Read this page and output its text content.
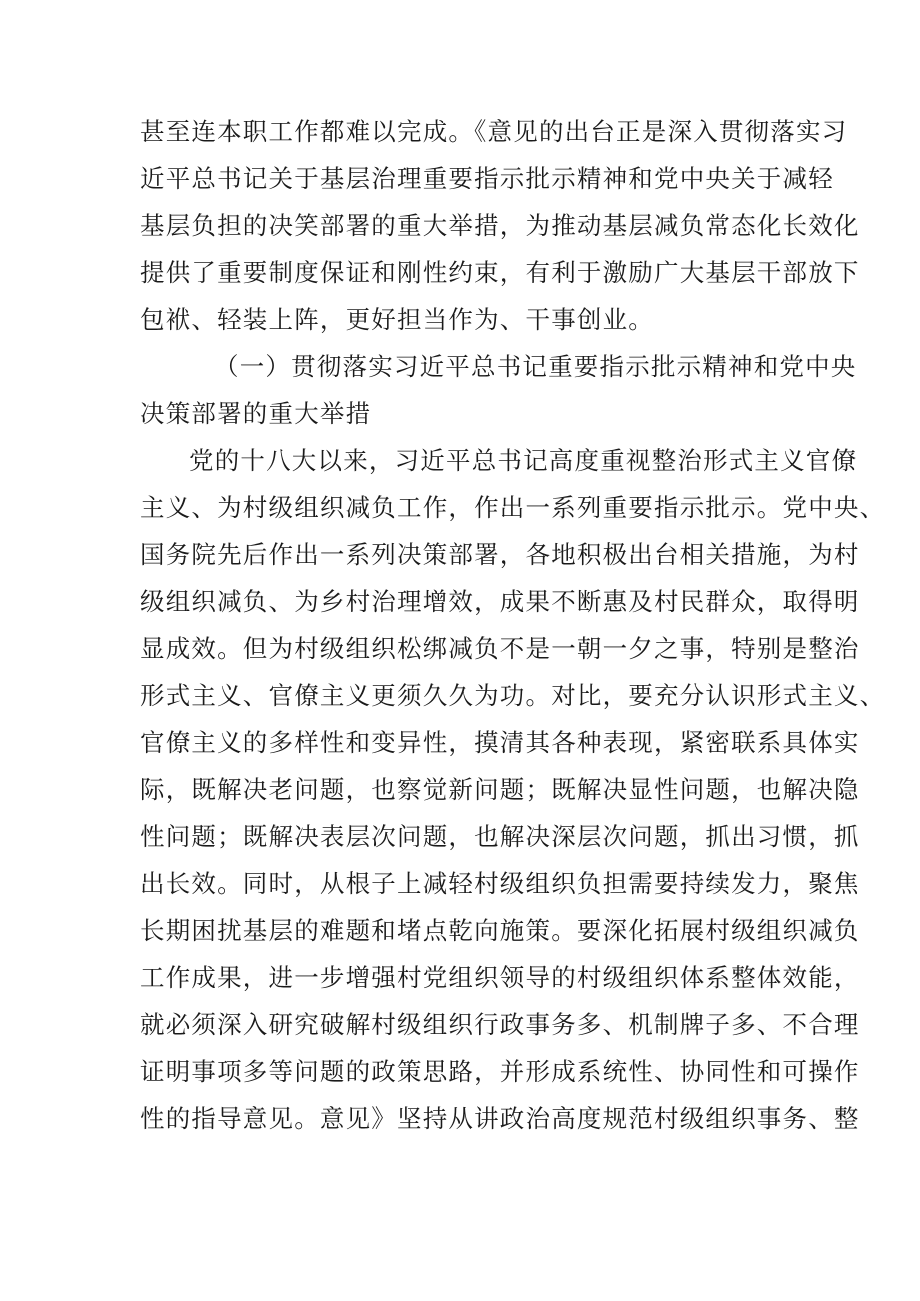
甚至连本职工作都难以完成。《意见的出台正是深入贯彻落实习
近平总书记关于基层治理重要指示批示精神和党中央关于减轻
基层负担的决笑部署的重大举措，为推动基层减负常态化长效化
提供了重要制度保证和刚性约束，有利于激励广大基层干部放下
包袱、轻装上阵，更好担当作为、干事创业。
（一）贯彻落实习近平总书记重要指示批示精神和党中央
决策部署的重大举措
党的十八大以来，习近平总书记高度重视整治形式主义官僚
主义、为村级组织减负工作，作出一系列重要指示批示。党中央、
国务院先后作出一系列决策部署，各地积极出台相关措施，为村
级组织减负、为乡村治理增效，成果不断惠及村民群众，取得明
显成效。但为村级组织松绑减负不是一朝一夕之事，特别是整治
形式主义、官僚主义更须久久为功。对比，要充分认识形式主义、
官僚主义的多样性和变异性，摸清其各种表现，紧密联系具体实
际，既解决老问题，也察觉新问题；既解决显性问题，也解决隐
性问题；既解决表层次问题，也解决深层次问题，抓出习惯，抓
出长效。同时，从根子上减轻村级组织负担需要持续发力，聚焦
长期困扰基层的难题和堵点乾向施策。要深化拓展村级组织减负
工作成果，进一步增强村党组织领导的村级组织体系整体效能，
就必须深入研究破解村级组织行政事务多、机制牌子多、不合理
证明事项多等问题的政策思路，并形成系统性、协同性和可操作
性的指导意见。意见》坚持从讲政治高度规范村级组织事务、整
